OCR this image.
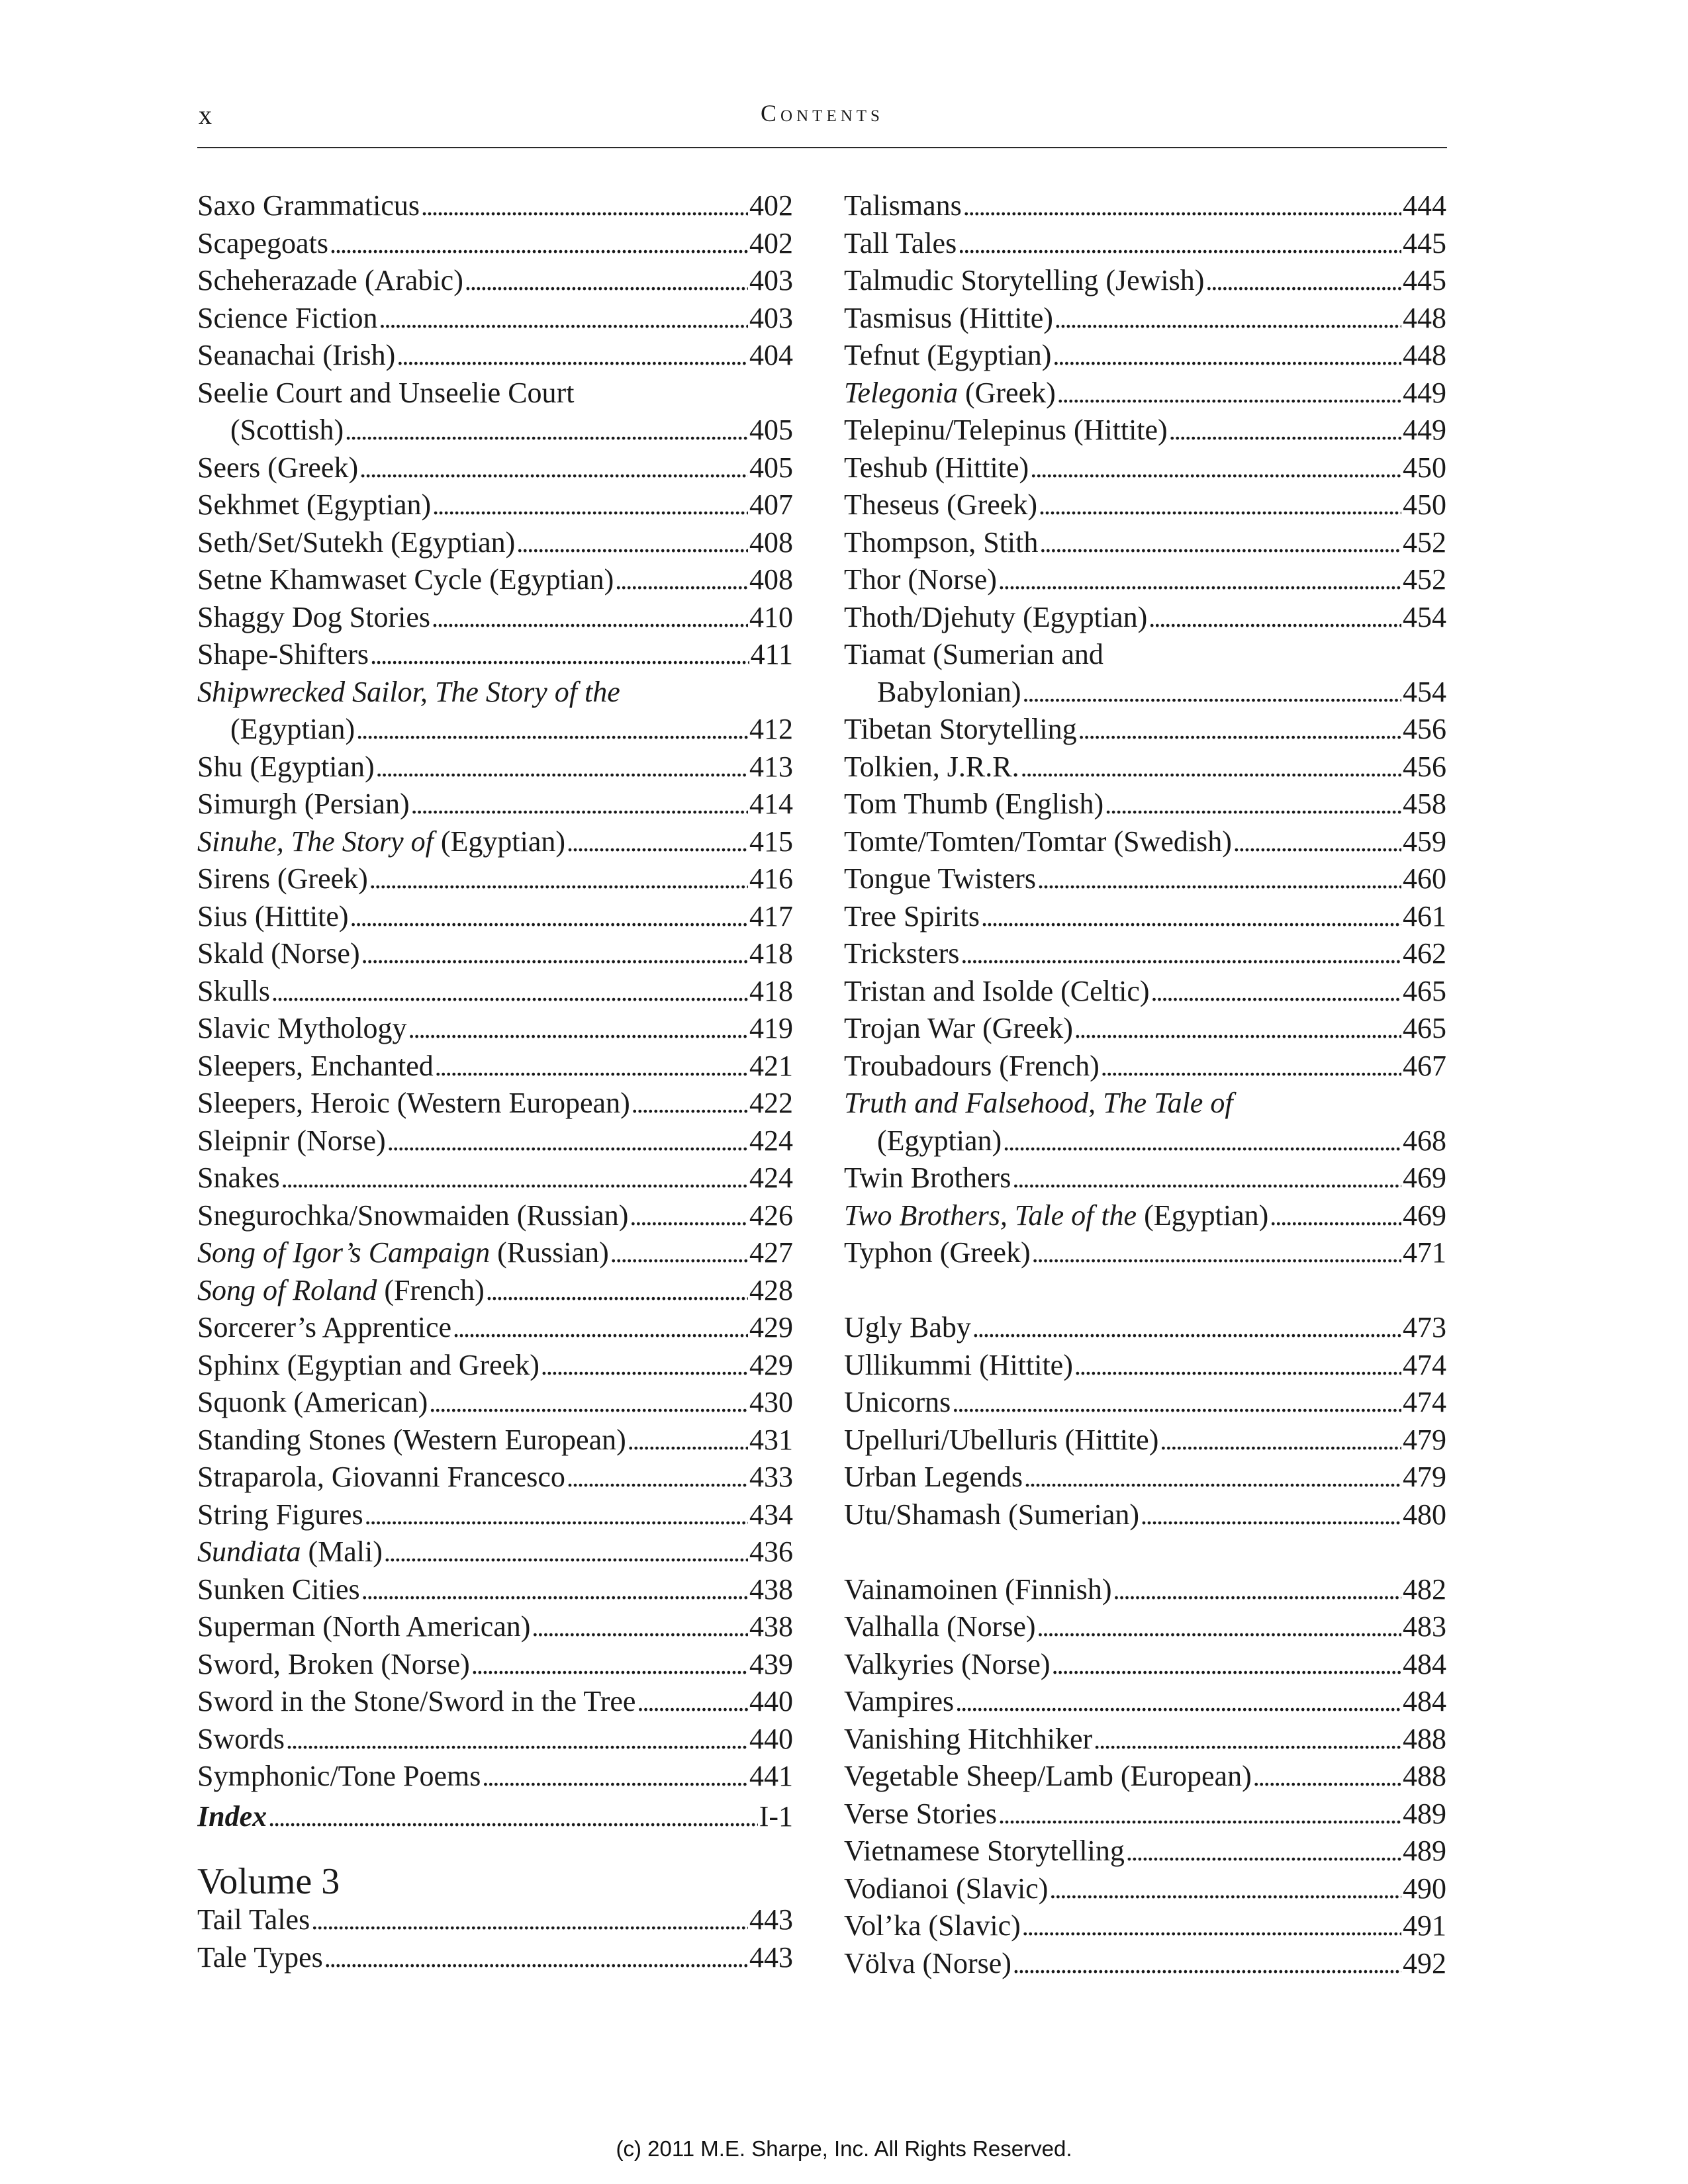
x	Contents
Saxo Grammaticus . . .	402
Scapegoats . . .	402
Scheherazade (Arabic) . . .	403
Science Fiction . . .	403
Seanachai (Irish) . . .	404
Seelie Court and Unseelie Court
(Scottish) . . .	405
Seers (Greek) . . .	405
Sekhmet (Egyptian) . . .	407
Seth/Set/Sutekh (Egyptian) . . .	408
Setne Khamwaset Cycle (Egyptian) . . .	408
Shaggy Dog Stories . . .	410
Shape-Shifters . . .	411
Shipwrecked Sailor, The Story of the
(Egyptian) . . .	412
Shu (Egyptian) . . .	413
Simurgh (Persian) . . .	414
Sinuhe, The Story of (Egyptian) . . .	415
Sirens (Greek) . . .	416
Sius (Hittite) . . .	417
Skald (Norse) . . .	418
Skulls . . .	418
Slavic Mythology . . .	419
Sleepers, Enchanted . . .	421
Sleepers, Heroic (Western European) . . .	422
Sleipnir (Norse) . . .	424
Snakes . . .	424
Snegurochka/Snowmaiden (Russian) . . .	426
Song of Igor’s Campaign (Russian) . . .	427
Song of Roland (French) . . .	428
Sorcerer’s Apprentice . . .	429
Sphinx (Egyptian and Greek) . . .	429
Squonk (American) . . .	430
Standing Stones (Western European) . . .	431
Straparola, Giovanni Francesco . . .	433
String Figures . . .	434
Sundiata (Mali) . . .	436
Sunken Cities . . .	438
Superman (North American) . . .	438
Sword, Broken (Norse) . . .	439
Sword in the Stone/Sword in the Tree . . .	440
Swords . . .	440
Symphonic/Tone Poems . . .	441
Index . . .	I-1
Volume 3
Tail Tales . . .	443
Tale Types . . .	443
Talismans . . .	444
Tall Tales . . .	445
Talmudic Storytelling (Jewish) . . .	445
Tasmisus (Hittite) . . .	448
Tefnut (Egyptian) . . .	448
Telegonia (Greek) . . .	449
Telepinu/Telepinus (Hittite) . . .	449
Teshub (Hittite) . . .	450
Theseus (Greek) . . .	450
Thompson, Stith . . .	452
Thor (Norse) . . .	452
Thoth/Djehuty (Egyptian) . . .	454
Tiamat (Sumerian and
Babylonian) . . .	454
Tibetan Storytelling . . .	456
Tolkien, J.R.R. . . .	456
Tom Thumb (English) . . .	458
Tomte/Tomten/Tomtar (Swedish) . . .	459
Tongue Twisters . . .	460
Tree Spirits . . .	461
Tricksters . . .	462
Tristan and Isolde (Celtic) . . .	465
Trojan War (Greek) . . .	465
Troubadours (French) . . .	467
Truth and Falsehood, The Tale of
(Egyptian) . . .	468
Twin Brothers . . .	469
Two Brothers, Tale of the (Egyptian) . . .	469
Typhon (Greek) . . .	471
Ugly Baby . . .	473
Ullikummi (Hittite) . . .	474
Unicorns . . .	474
Upelluri/Ubelluris (Hittite) . . .	479
Urban Legends . . .	479
Utu/Shamash (Sumerian) . . .	480
Vainamoinen (Finnish) . . .	482
Valhalla (Norse) . . .	483
Valkyries (Norse) . . .	484
Vampires . . .	484
Vanishing Hitchhiker . . .	488
Vegetable Sheep/Lamb (European) . . .	488
Verse Stories . . .	489
Vietnamese Storytelling . . .	489
Vodianoi (Slavic) . . .	490
Vol’ka (Slavic) . . .	491
Völva (Norse) . . .	492
(c) 2011 M.E. Sharpe, Inc. All Rights Reserved.
